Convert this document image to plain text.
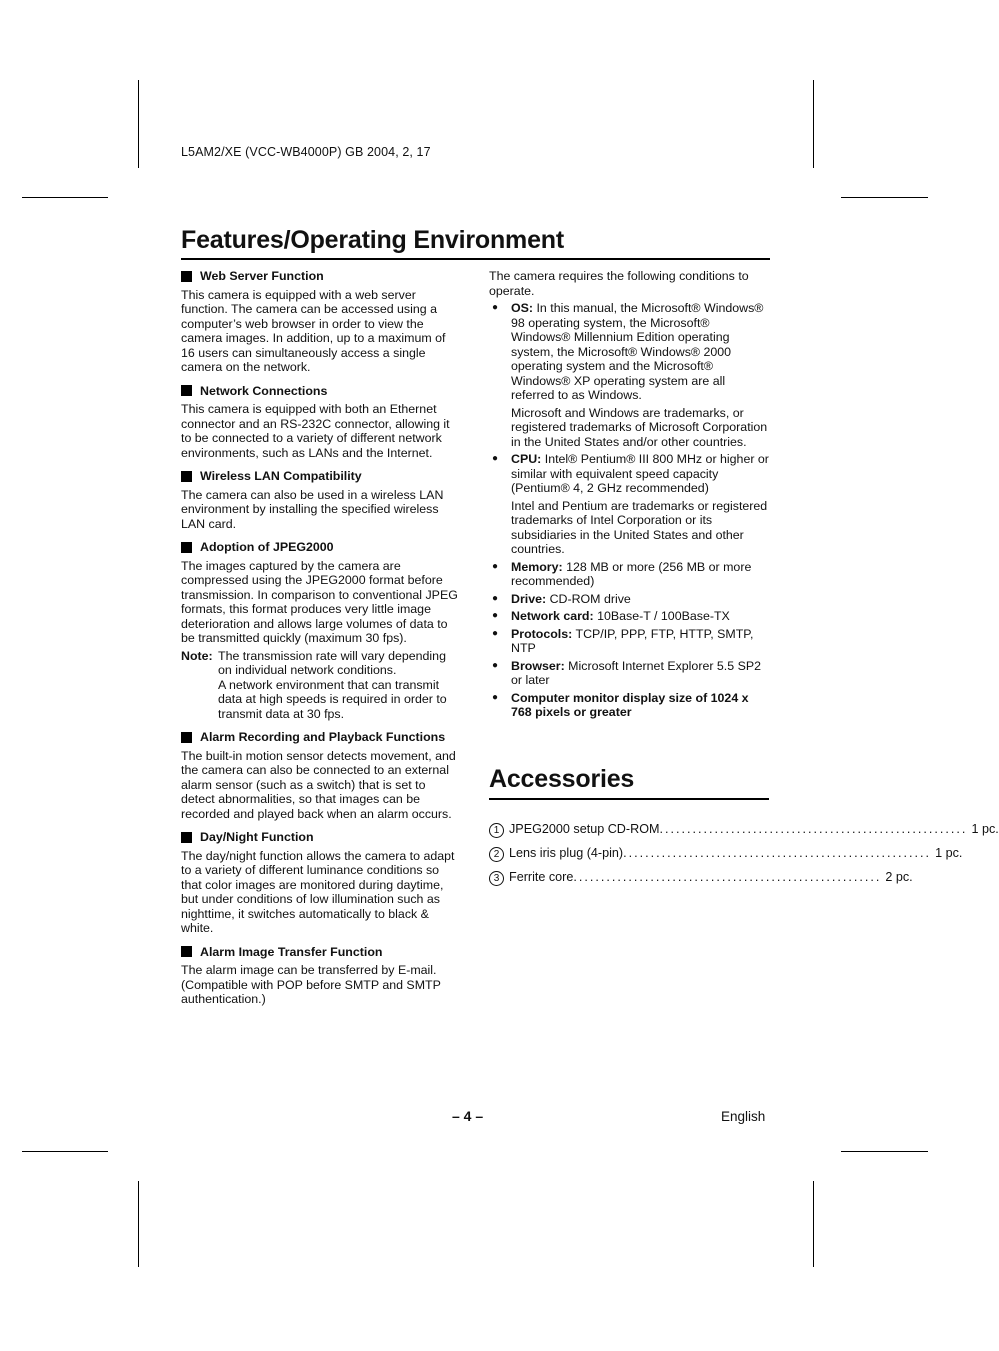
L5AM2/XE (VCC-WB4000P) GB 2004, 2, 17
Features/Operating Environment
Web Server Function

This camera is equipped with a web server function. The camera can be accessed using a computer’s web browser in order to view the camera images. In addition, up to a maximum of 16 users can simultaneously access a single camera on the network.

Network Connections

This camera is equipped with both an Ethernet connector and an RS-232C connector, allowing it to be connected to a variety of different network environments, such as LANs and the Internet.

Wireless LAN Compatibility

The camera can also be used in a wireless LAN environment by installing the specified wireless LAN card.

Adoption of JPEG2000

The images captured by the camera are compressed using the JPEG2000 format before transmission. In comparison to conventional JPEG formats, this format produces very little image deterioration and allows large volumes of data to be transmitted quickly (maximum 30 fps).

Note: The transmission rate will vary depending on individual network conditions.

A network environment that can transmit data at high speeds is required in order to transmit data at 30 fps.

Alarm Recording and Playback Functions

The built-in motion sensor detects movement, and the camera can also be connected to an external alarm sensor (such as a switch) that is set to detect abnormalities, so that images can be recorded and played back when an alarm occurs.

Day/Night Function

The day/night function allows the camera to adapt to a variety of different luminance conditions so that color images are monitored during daytime, but under conditions of low illumination such as nighttime, it switches automatically to black & white.

Alarm Image Transfer Function

The alarm image can be transferred by E-mail. (Compatible with POP before SMTP and SMTP authentication.)

The camera requires the following conditions to operate.

●	OS: In this manual, the Microsoft® Windows® 98 operating system, the Microsoft® Windows® Millennium Edition operating system, the Microsoft® Windows® 2000 operating system and the Microsoft® Windows® XP operating system are all referred to as Windows.

Microsoft and Windows are trademarks, or registered trademarks of Microsoft Corporation in the United States and/or other countries.

●	CPU: Intel® Pentium® III 800 MHz or higher or similar with equivalent speed capacity (Pentium® 4, 2 GHz recommended)

Intel and Pentium are trademarks or registered trademarks of Intel Corporation or its subsidiaries in the United States and other countries.

●	Memory: 128 MB or more (256 MB or more recommended)

●	Drive: CD-ROM drive

●	Network card: 10Base-T / 100Base-TX

●	Protocols: TCP/IP, PPP, FTP, HTTP, SMTP, NTP

●	Browser: Microsoft Internet Explorer 5.5 SP2 or later

●	Computer monitor display size of 1024 x 768 pixels or greater

Accessories
1 JPEG2000 setup CD-ROM ........................................................ 1 pc.
2 Lens iris plug (4-pin) ........................................................ 1 pc.
3 Ferrite core ........................................................ 2 pc.
– 4 –	English
